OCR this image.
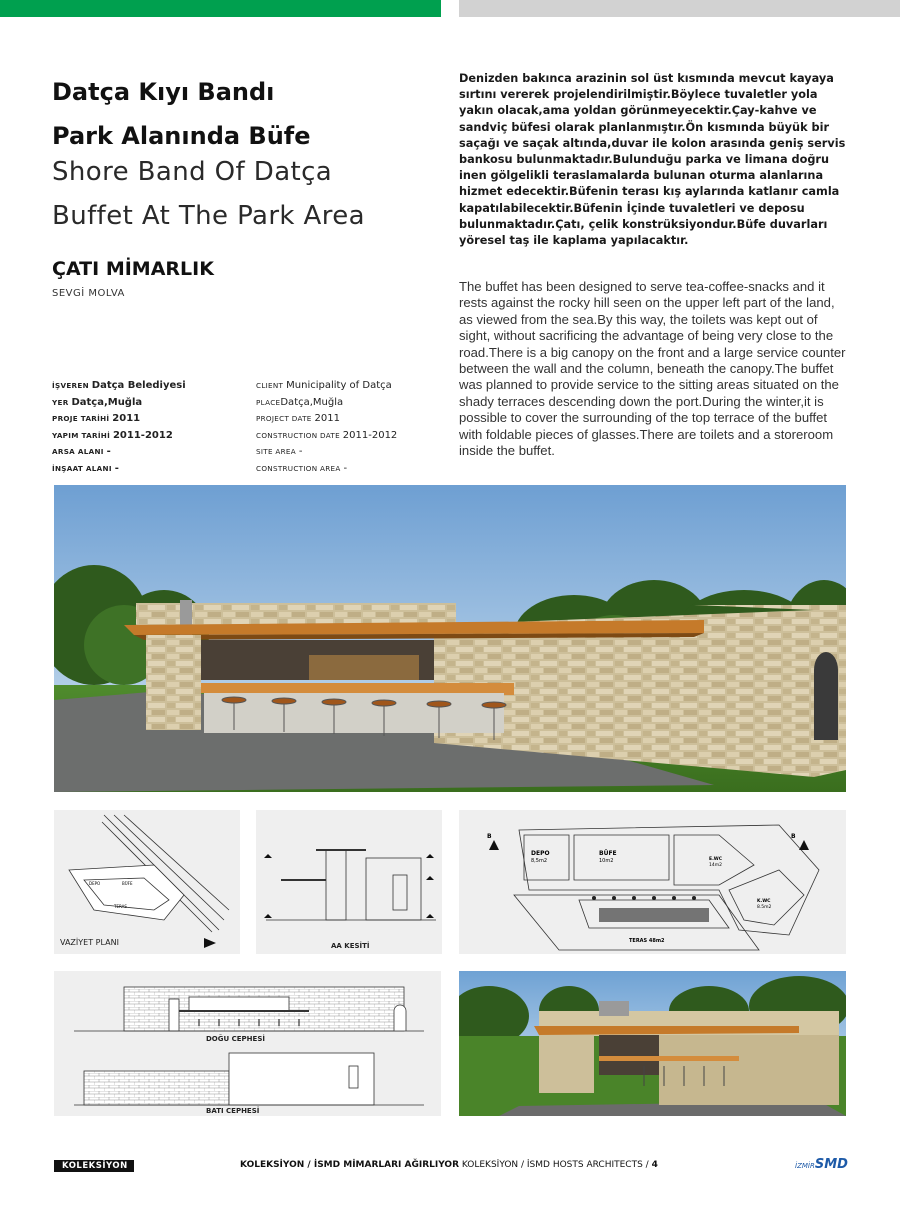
Datça Kıyı Bandı
Park Alanında Büfe
Shore Band Of Datça
Buffet At The Park Area
ÇATI MİMARLIK
SEVGİ MOLVA
Denizden bakınca arazinin sol üst kısmında mevcut kayaya sırtını vererek projelendirilmiştir.Böylece tuvaletler yola yakın olacak,ama yoldan görünmeyecektir.Çay-kahve ve sandviç büfesi olarak planlanmıştır.Ön kısmında büyük bir saçağı ve saçak altında,duvar ile kolon arasında geniş servis bankosu bulunmaktadır.Bulunduğu parka ve limana doğru inen gölgelikli teraslamalarda bulunan oturma alanlarına hizmet edecektir.Büfenin terası kış aylarında katlanır camla kapatılabilecektir.Büfenin İçinde tuvaletleri ve deposu bulunmaktadır.Çatı, çelik konstrüksiyondur.Büfe duvarları yöresel taş ile kaplama yapılacaktır.
The buffet has been designed to serve tea-coffee-snacks and it rests against the rocky hill seen on the upper left part of the land, as viewed from the sea.By this way, the toilets was kept out of sight, without sacrificing the advantage of being very close to the road.There is a big canopy on the front and a large service counter between the wall and the column, beneath the canopy.The buffet was planned to provide service to the sitting areas situated on the shady terraces descending down the port.During the winter,it is possible to cover the surrounding of the top terrace of the buffet with foldable pieces of glasses.There are toilets and a storeroom inside the buffet.
İŞVEREN Datça Belediyesi
YER Datça,Muğla
PROJE TARİHİ 2011
YAPIM TARİHİ 2011-2012
ARSA ALANI -
İNŞAAT ALANI -
CLIENT Municipality of Datça
PLACEDatça,Muğla
PROJECT DATE 2011
CONSTRUCTION DATE 2011-2012
SITE AREA -
CONSTRUCTION AREA -
DEPO	BÜFE
TERAS
VAZİYET PLANI	AA KESİTİ
B	B
DEPO
8,5m2
BÜFE
10m2	E.WC
14m2
K.WC
8.5m2
TERAS 48m2
DOĞU CEPHESİ
BATI CEPHESİ
KOLEKSİYON	KOLEKSİYON / İSMD MİMARLARI AĞIRLIYOR KOLEKSİYON / İSMD HOSTS ARCHITECTS / 4	İZMİRSMD
